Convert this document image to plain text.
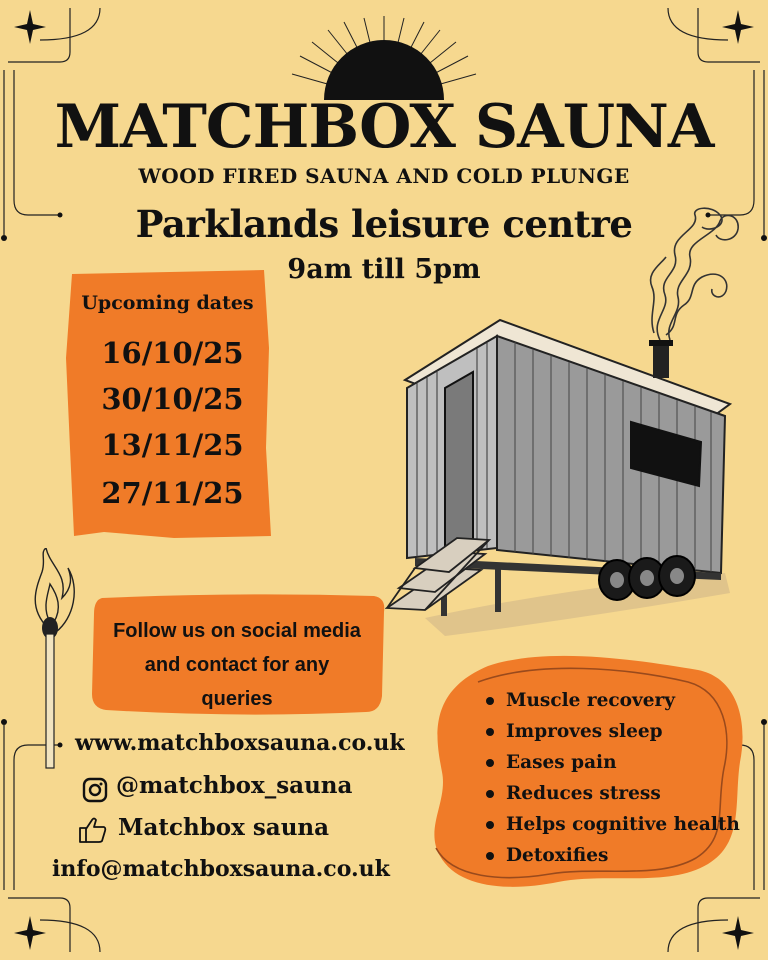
MATCHBOX SAUNA
WOOD FIRED SAUNA AND COLD PLUNGE
Parklands leisure centre
9am till 5pm
Upcoming dates
16/10/25
30/10/25
13/11/25
27/11/25
Follow us on social media
and contact for any
queries
www.matchboxsauna.co.uk
@matchbox_sauna
Matchbox sauna
info@matchboxsauna.co.uk
Muscle recovery
Improves sleep
Eases pain
Reduces stress
Helps cognitive health
Detoxifies
